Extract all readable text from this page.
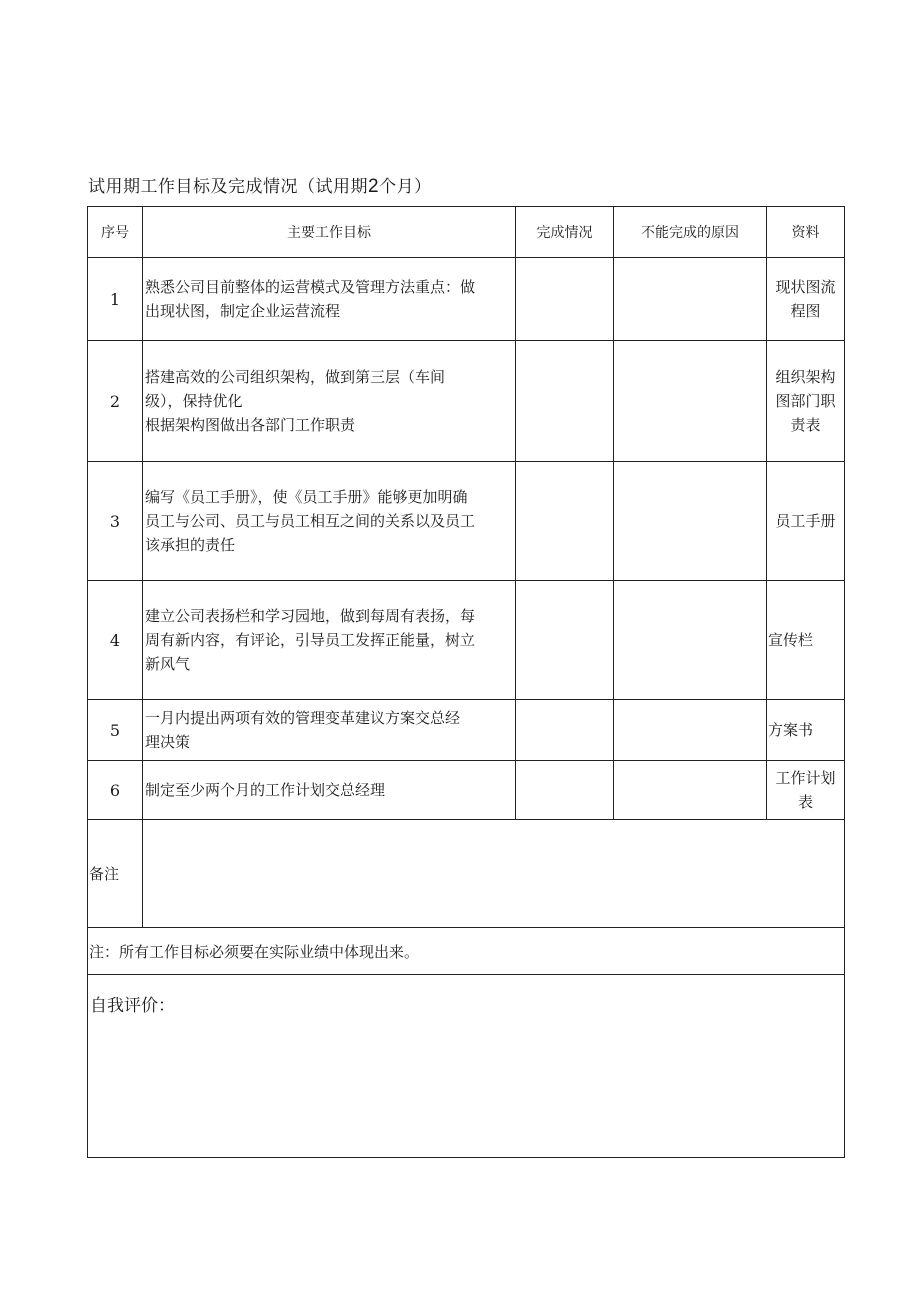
试用期工作目标及完成情况（试用期2个月）
序号	主要工作目标	完成情况	不能完成的原因	资料
1	熟悉公司目前整体的运营模式及管理方法重点：做
出现状图，制定企业运营流程			现状图流
程图

2	搭建高效的公司组织架构，做到第三层（车间
级），保持优化
根据架构图做出各部门工作职责			组织架构
图部门职
责表

3	编写《员工手册》，使《员工手册》能够更加明确
员工与公司、员工与员工相互之间的关系以及员工
该承担的责任			员工手册

4	建立公司表扬栏和学习园地，做到每周有表扬，每
周有新内容，有评论，引导员工发挥正能量，树立
新风气			宣传栏

5	一月内提出两项有效的管理变革建议方案交总经
理决策			方案书

6	制定至少两个月的工作计划交总经理			工作计划
表

备注				
注：所有工作目标必须要在实际业绩中体现出来。				
自我评价：				
